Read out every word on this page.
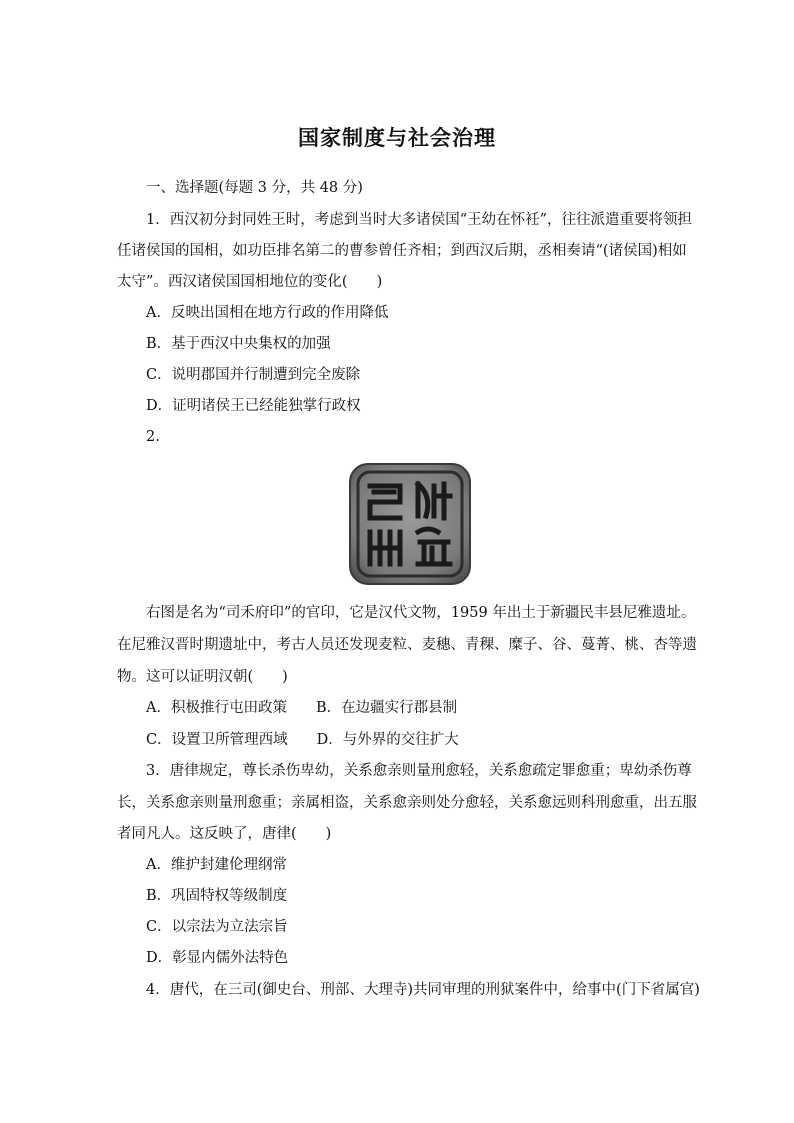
国家制度与社会治理
一、选择题(每题 3 分，共 48 分)
1．西汉初分封同姓王时，考虑到当时大多诸侯国“王幼在怀衽”，往往派遣重要将领担
任诸侯国的国相，如功臣排名第二的曹参曾任齐相；到西汉后期，丞相奏请“(诸侯国)相如
太守”。西汉诸侯国国相地位的变化(　　)
A．反映出国相在地方行政的作用降低
B．基于西汉中央集权的加强
C．说明郡国并行制遭到完全废除
D．证明诸侯王已经能独掌行政权
2.
右图是名为“司禾府印”的官印，它是汉代文物，1959 年出土于新疆民丰县尼雅遗址。
在尼雅汉晋时期遗址中，考古人员还发现麦粒、麦穗、青稞、糜子、谷、蔓菁、桃、杏等遗
物。这可以证明汉朝(　　)
A．积极推行屯田政策　　B．在边疆实行郡县制
C．设置卫所管理西域　　D．与外界的交往扩大
3．唐律规定，尊长杀伤卑幼，关系愈亲则量刑愈轻，关系愈疏定罪愈重；卑幼杀伤尊
长，关系愈亲则量刑愈重；亲属相盗，关系愈亲则处分愈轻，关系愈远则科刑愈重，出五服
者同凡人。这反映了，唐律(　　)
A．维护封建伦理纲常
B．巩固特权等级制度
C．以宗法为立法宗旨
D．彰显内儒外法特色
4．唐代，在三司(御史台、刑部、大理寺)共同审理的刑狱案件中，给事中(门下省属官)
